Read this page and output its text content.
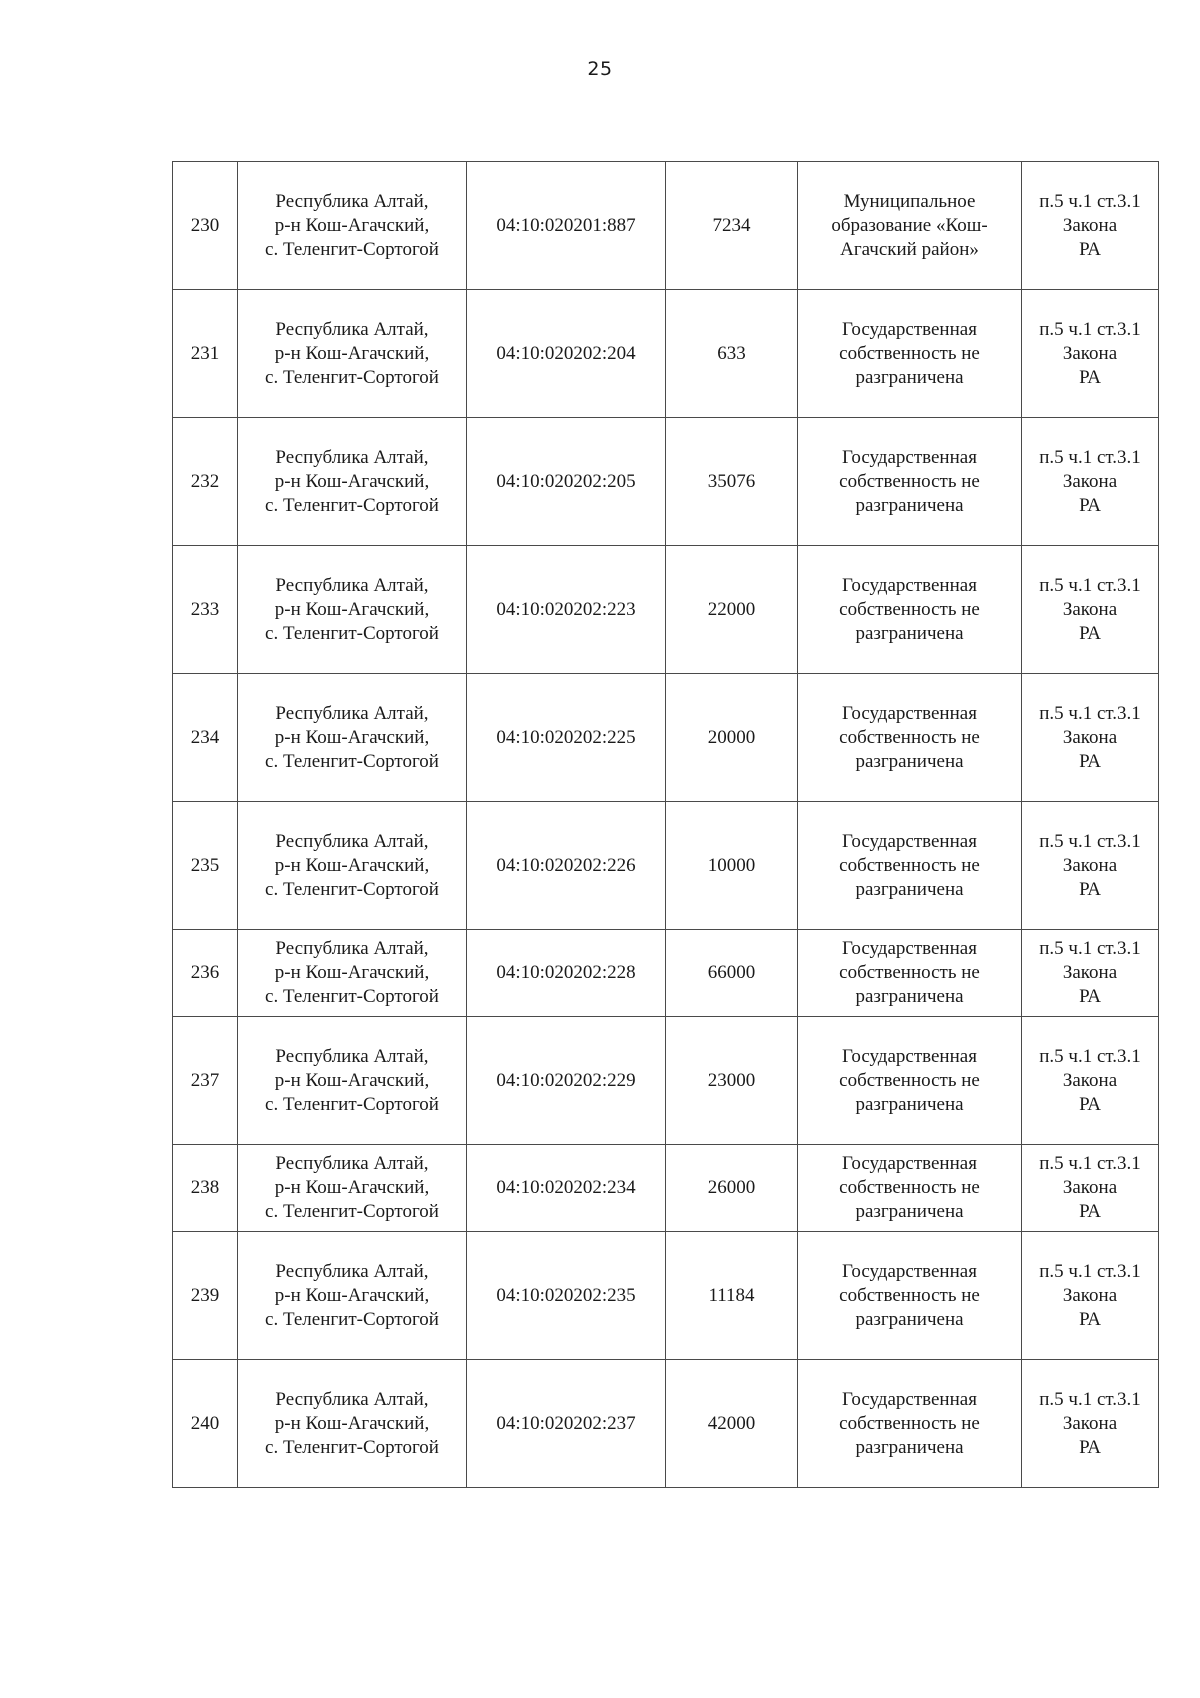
25
230	Республика Алтай,
р-н Кош-Агачский,
с. Теленгит-Сортогой	04:10:020201:887	7234	Муниципальное
образование «Кош-
Агачский район»	п.5 ч.1 ст.3.1 Закона
РА

231	Республика Алтай,
р-н Кош-Агачский,
с. Теленгит-Сортогой	04:10:020202:204	633	Государственная
собственность не
разграничена	п.5 ч.1 ст.3.1 Закона
РА

232	Республика Алтай,
р-н Кош-Агачский,
с. Теленгит-Сортогой	04:10:020202:205	35076	Государственная
собственность не
разграничена	п.5 ч.1 ст.3.1 Закона
РА

233	Республика Алтай,
р-н Кош-Агачский,
с. Теленгит-Сортогой	04:10:020202:223	22000	Государственная
собственность не
разграничена	п.5 ч.1 ст.3.1 Закона
РА

234	Республика Алтай,
р-н Кош-Агачский,
с. Теленгит-Сортогой	04:10:020202:225	20000	Государственная
собственность не
разграничена	п.5 ч.1 ст.3.1 Закона
РА

235	Республика Алтай,
р-н Кош-Агачский,
с. Теленгит-Сортогой	04:10:020202:226	10000	Государственная
собственность не
разграничена	п.5 ч.1 ст.3.1 Закона
РА

236	Республика Алтай,
р-н Кош-Агачский,
с. Теленгит-Сортогой	04:10:020202:228	66000	Государственная
собственность не
разграничена	п.5 ч.1 ст.3.1 Закона
РА

237	Республика Алтай,
р-н Кош-Агачский,
с. Теленгит-Сортогой	04:10:020202:229	23000	Государственная
собственность не
разграничена	п.5 ч.1 ст.3.1 Закона
РА

238	Республика Алтай,
р-н Кош-Агачский,
с. Теленгит-Сортогой	04:10:020202:234	26000	Государственная
собственность не
разграничена	п.5 ч.1 ст.3.1 Закона
РА

239	Республика Алтай,
р-н Кош-Агачский,
с. Теленгит-Сортогой	04:10:020202:235	11184	Государственная
собственность не
разграничена	п.5 ч.1 ст.3.1 Закона
РА

240	Республика Алтай,
р-н Кош-Агачский,
с. Теленгит-Сортогой	04:10:020202:237	42000	Государственная
собственность не
разграничена	п.5 ч.1 ст.3.1 Закона
РА
